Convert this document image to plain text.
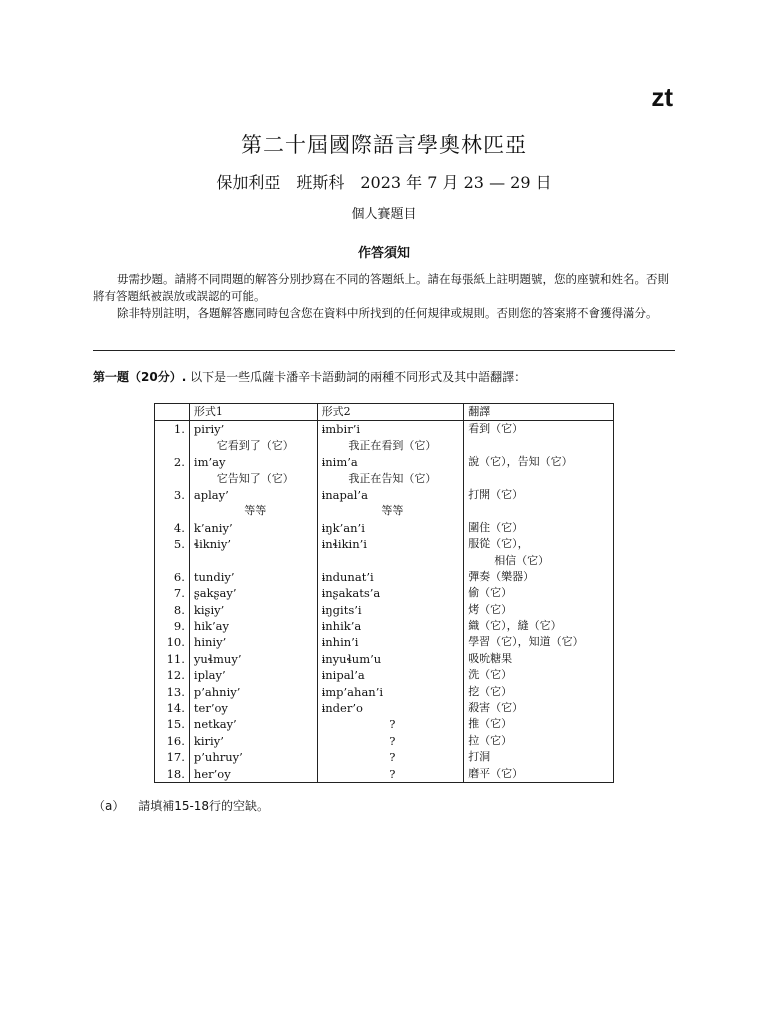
zt
第二十屆國際語言學奧林匹亞
保加利亞　班斯科　2023 年 7 月 23 — 29 日
個人賽題目
作答須知

毋需抄題。請將不同問題的解答分別抄寫在不同的答題紙上。請在每張紙上註明題號，您的座號和姓名。否則將有答題紙被誤放或誤認的可能。

除非特別註明，各題解答應同時包含您在資料中所找到的任何規律或規則。否則您的答案將不會獲得滿分。

第一題（20分）. 以下是一些瓜薩卡潘辛卡語動詞的兩種不同形式及其中語翻譯：
	形式1	形式2	翻譯
1.	piriy’	ɨmbir’i	看到（它）
	它看到了（它）	我正在看到（它）	
2.	im’ay	ɨnim’a	說（它），告知（它）
	它告知了（它）	我正在告知（它）	
3.	aplay’	ɨnapal’a	打開（它）
	等等	等等	
4.	k’aniy’	ɨŋk’an’i	圍住（它）
5.	ɬikniy’	ɨnɬikin’i	服從（它），
			相信（它）
6.	tundiy’	ɨndunat’i	彈奏（樂器）
7.	ʂakʂay’	ɨnʂakats’a	偷（它）
8.	kiʂiy’	ɨŋgits’i	烤（它）
9.	hik’ay	ɨnhik’a	織（它），縫（它）
10.	hiniy’	ɨnhin’i	學習（它），知道（它）
11.	yuɬmuy’	ɨnyuɬum’u	吸吮糖果
12.	iplay’	ɨnipal’a	洗（它）
13.	p’ahniy’	ɨmp’ahan’i	挖（它）
14.	ter’oy	ɨnder’o	殺害（它）
15.	netkay’	?	推（它）
16.	kiriy’	?	拉（它）
17.	p’uhruy’	?	打洞
18.	her’oy	?	磨平（它）
（a） 請填補15-18行的空缺。
